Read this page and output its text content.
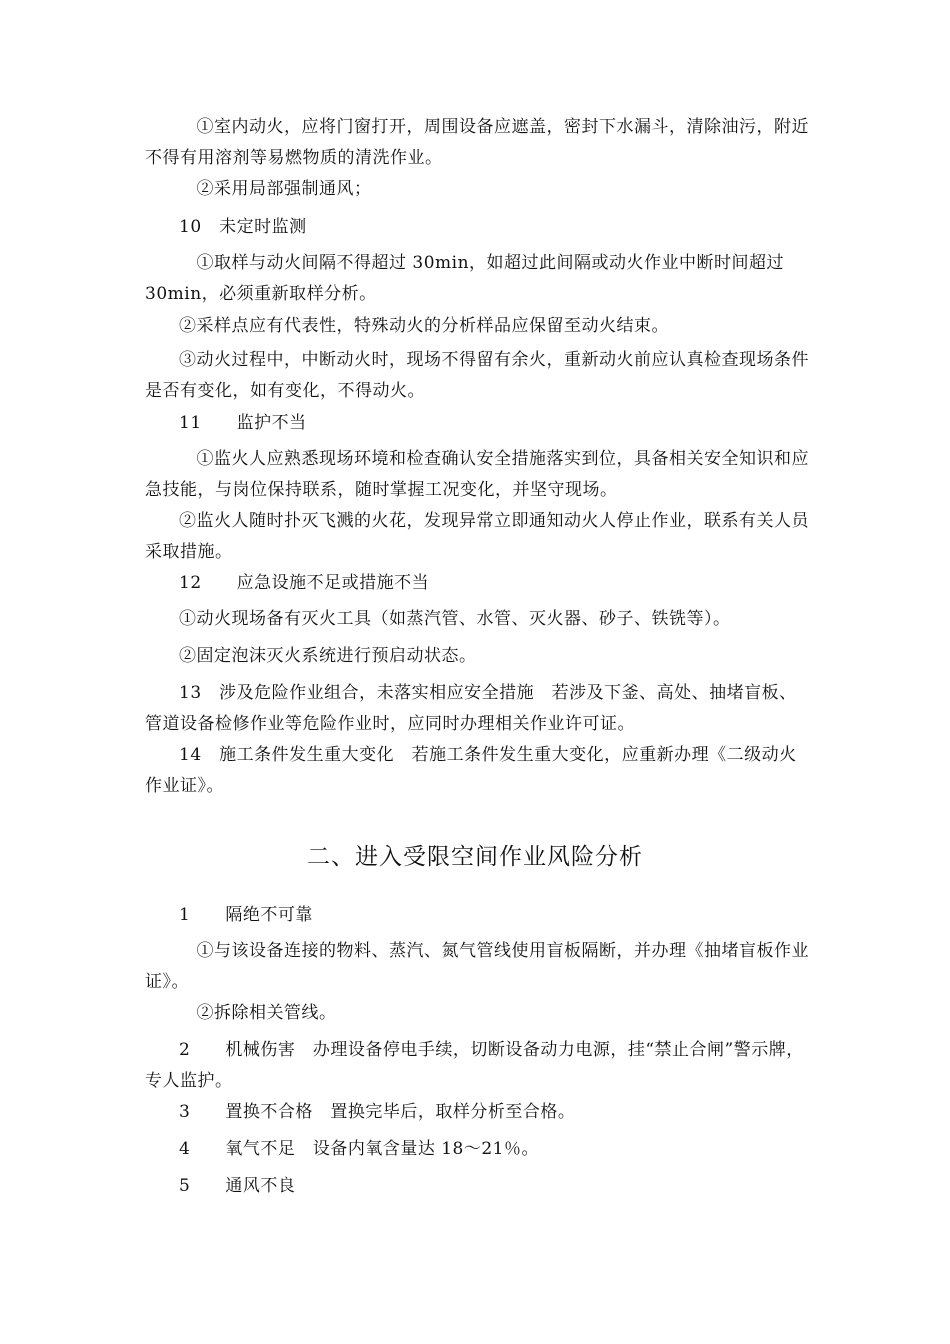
　①室内动火，应将门窗打开，周围设备应遮盖，密封下水漏斗，清除油污，附近不得有用溶剂等易燃物质的清洗作业。

　②采用局部强制通风；

10　未定时监测

　①取样与动火间隔不得超过 30min，如超过此间隔或动火作业中断时间超过 30min，必须重新取样分析。

②采样点应有代表性，特殊动火的分析样品应保留至动火结束。

③动火过程中，中断动火时，现场不得留有余火，重新动火前应认真检查现场条件是否有变化，如有变化，不得动火。

11　　监护不当

　①监火人应熟悉现场环境和检查确认安全措施落实到位，具备相关安全知识和应急技能，与岗位保持联系，随时掌握工况变化，并坚守现场。

②监火人随时扑灭飞溅的火花，发现异常立即通知动火人停止作业，联系有关人员采取措施。

12　　应急设施不足或措施不当

①动火现场备有灭火工具（如蒸汽管、水管、灭火器、砂子、铁铣等）。

②固定泡沫灭火系统进行预启动状态。

13　涉及危险作业组合，未落实相应安全措施　若涉及下釜、高处、抽堵盲板、管道设备检修作业等危险作业时，应同时办理相关作业许可证。

14　施工条件发生重大变化　若施工条件发生重大变化，应重新办理《二级动火作业证》。

二、进入受限空间作业风险分析

1　　隔绝不可靠

　①与该设备连接的物料、蒸汽、氮气管线使用盲板隔断，并办理《抽堵盲板作业证》。

　②拆除相关管线。

2　　机械伤害　办理设备停电手续，切断设备动力电源，挂“禁止合闸”警示牌，专人监护。

3　　置换不合格　置换完毕后，取样分析至合格。

4　　氧气不足　设备内氧含量达 18～21％。

5　　通风不良
